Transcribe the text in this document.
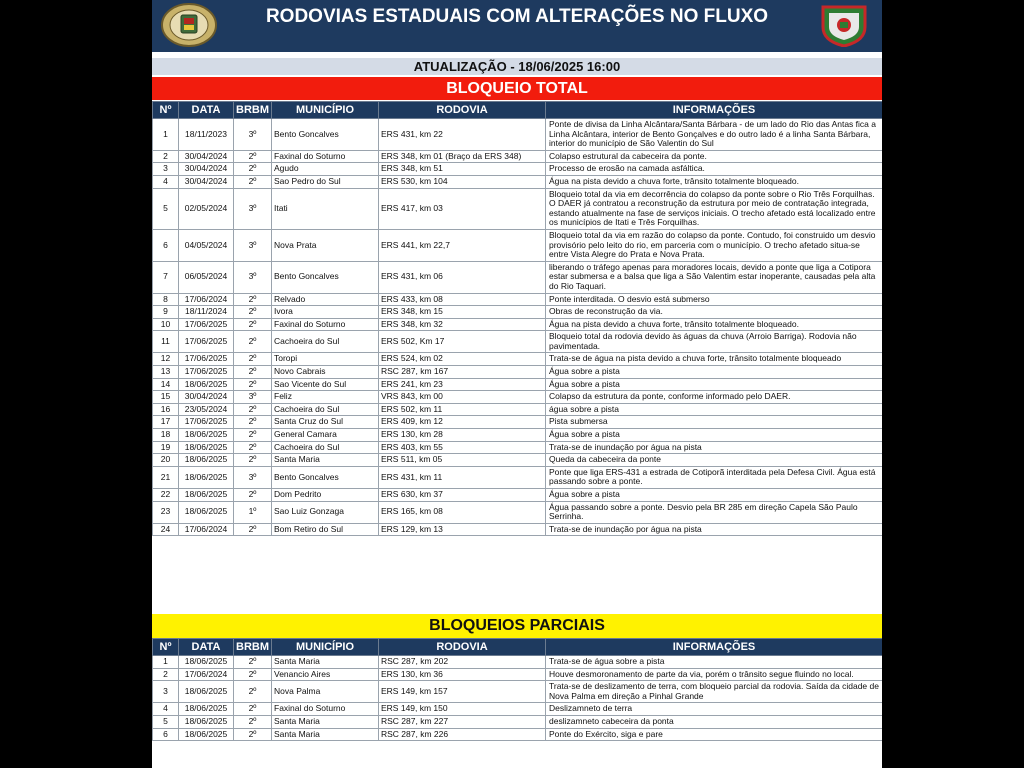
RODOVIAS ESTADUAIS COM ALTERAÇÕES NO FLUXO
ATUALIZAÇÃO - 18/06/2025 16:00
BLOQUEIO TOTAL
Nº	DATA	BRBM	MUNICÍPIO	RODOVIA	INFORMAÇÕES
1	18/11/2023	3º	Bento Goncalves	ERS 431, km 22	Ponte de divisa da Linha Alcântara/Santa Bárbara - de um lado do Rio das Antas fica a Linha Alcântara, interior de Bento Gonçalves e do outro lado é a linha Santa Bárbara, interior do município de São Valentin do Sul
2	30/04/2024	2º	Faxinal do Soturno	ERS 348, km 01 (Braço da ERS 348)	Colapso estrutural da cabeceira da ponte.
3	30/04/2024	2º	Agudo	ERS 348, km 51	Processo de erosão na camada asfáltica.
4	30/04/2024	2º	Sao Pedro do Sul	ERS 530, km 104	Água na pista devido a chuva forte, trânsito totalmente bloqueado.
5	02/05/2024	3º	Itati	ERS 417, km 03	Bloqueio total da via em decorrência do colapso da ponte sobre o Rio Três Forquilhas. O DAER já contratou a reconstrução da estrutura por meio de contratação integrada, estando atualmente na fase de serviços iniciais. O trecho afetado está localizado entre os municípios de Itati e Três Forquilhas.
6	04/05/2024	3º	Nova Prata	ERS 441, km 22,7	Bloqueio total da via em razão do colapso da ponte. Contudo, foi construido um desvio provisório pelo leito do rio, em parceria com o município. O trecho afetado situa-se entre Vista Alegre do Prata e Nova Prata.
7	06/05/2024	3º	Bento Goncalves	ERS 431, km 06	liberando o tráfego apenas para moradores locais, devido a ponte que liga a Cotipora estar submersa e a balsa que liga a São Valentim estar inoperante, causadas pela alta do Rio Taquari.
8	17/06/2024	2º	Relvado	ERS 433, km 08	Ponte interditada. O desvio está submerso
9	18/11/2024	2º	Ivora	ERS 348, km 15	Obras de reconstrução da via.
10	17/06/2025	2º	Faxinal do Soturno	ERS 348, km 32	Água na pista devido a chuva forte, trânsito totalmente bloqueado.
11	17/06/2025	2º	Cachoeira do Sul	ERS 502, Km 17	Bloqueio total da rodovia devido às águas da chuva (Arroio Barriga). Rodovia não pavimentada.
12	17/06/2025	2º	Toropi	ERS 524, km 02	Trata-se de água na pista devido a chuva forte, trânsito totalmente bloqueado
13	17/06/2025	2º	Novo Cabrais	RSC 287, km 167	Água sobre a pista
14	18/06/2025	2º	Sao Vicente do Sul	ERS 241, km 23	Água sobre a pista
15	30/04/2024	3º	Feliz	VRS 843, km 00	Colapso da estrutura da ponte, conforme informado pelo DAER.
16	23/05/2024	2º	Cachoeira do Sul	ERS 502, km 11	água sobre a pista
17	17/06/2025	2º	Santa Cruz do Sul	ERS 409, km 12	Pista submersa
18	18/06/2025	2º	General Camara	ERS 130, km 28	Água sobre a pista
19	18/06/2025	2º	Cachoeira do Sul	ERS 403, km 55	Trata-se de inundação por água na pista
20	18/06/2025	2º	Santa Maria	ERS 511, km 05	Queda da cabeceira da ponte
21	18/06/2025	3º	Bento Goncalves	ERS 431, km 11	Ponte que liga ERS-431 a estrada de Cotiporã interditada pela Defesa Civil. Água está passando sobre a ponte.
22	18/06/2025	2º	Dom Pedrito	ERS 630, km 37	Água sobre a pista
23	18/06/2025	1º	Sao Luiz Gonzaga	ERS 165, km 08	Água passando sobre a ponte. Desvio pela BR 285 em direção Capela São Paulo Serrinha.
24	17/06/2024	2º	Bom Retiro do Sul	ERS 129, km 13	Trata-se de inundação por água na pista
BLOQUEIOS PARCIAIS
Nº	DATA	BRBM	MUNICÍPIO	RODOVIA	INFORMAÇÕES
1	18/06/2025	2º	Santa Maria	RSC 287, km 202	Trata-se de água sobre a pista
2	17/06/2024	2º	Venancio Aires	ERS 130, km 36	Houve desmoronamento de parte da via, porém o trânsito segue fluindo no local.
3	18/06/2025	2º	Nova Palma	ERS 149, km 157	Trata-se de deslizamento de terra, com bloqueio parcial da rodovia. Saída da cidade de Nova Palma em direção a Pinhal Grande
4	18/06/2025	2º	Faxinal do Soturno	ERS 149, km 150	Deslizamneto de terra
5	18/06/2025	2º	Santa Maria	RSC 287, km 227	deslizamneto cabeceira da ponta
6	18/06/2025	2º	Santa Maria	RSC 287, km 226	Ponte do Exército, siga e pare
